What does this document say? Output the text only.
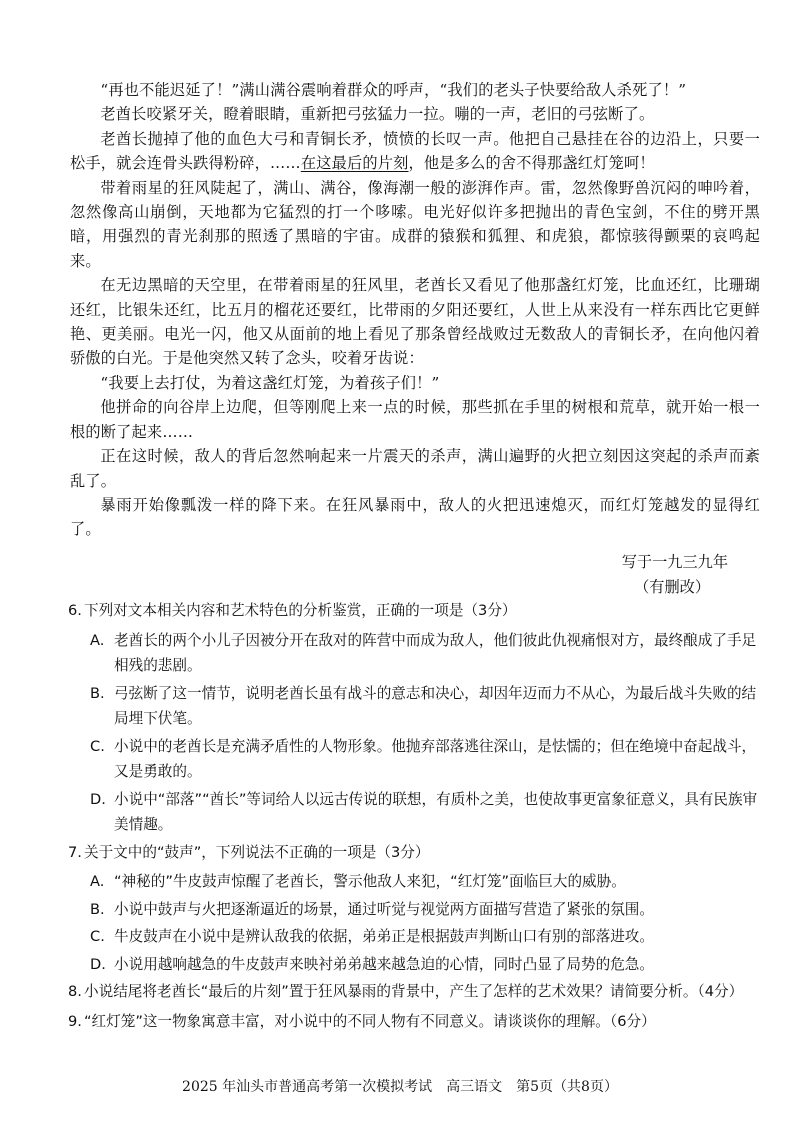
“再也不能迟延了！”满山满谷震响着群众的呼声，“我们的老头子快要给敌人杀死了！”

老酋长咬紧牙关，瞪着眼睛，重新把弓弦猛力一拉。嘣的一声，老旧的弓弦断了。

老酋长抛掉了他的血色大弓和青铜长矛，愤愤的长叹一声。他把自己悬挂在谷的边沿上，只要一松手，就会连骨头跌得粉碎，……在这最后的片刻，他是多么的舍不得那盏红灯笼呵！

带着雨星的狂风陡起了，满山、满谷，像海潮一般的澎湃作声。雷，忽然像野兽沉闷的呻吟着，忽然像高山崩倒，天地都为它猛烈的打一个哆嗦。电光好似许多把抛出的青色宝剑，不住的劈开黑暗，用强烈的青光刹那的照透了黑暗的宇宙。成群的猿猴和狐狸、和虎狼，都惊骇得颤栗的哀鸣起来。

在无边黑暗的天空里，在带着雨星的狂风里，老酋长又看见了他那盏红灯笼，比血还红，比珊瑚还红，比银朱还红，比五月的榴花还要红，比带雨的夕阳还要红，人世上从来没有一样东西比它更鲜艳、更美丽。电光一闪，他又从面前的地上看见了那条曾经战败过无数敌人的青铜长矛，在向他闪着骄傲的白光。于是他突然又转了念头，咬着牙齿说：

“我要上去打仗，为着这盏红灯笼，为着孩子们！”

他拼命的向谷岸上边爬，但等刚爬上来一点的时候，那些抓在手里的树根和荒草，就开始一根一根的断了起来……

正在这时候，敌人的背后忽然响起来一片震天的杀声，满山遍野的火把立刻因这突起的杀声而紊乱了。

暴雨开始像瓢泼一样的降下来。在狂风暴雨中，敌人的火把迅速熄灭，而红灯笼越发的显得红了。

写于一九三九年
（有删改）

6. 下列对文本相关内容和艺术特色的分析鉴赏，正确的一项是（3分）

A. 老酋长的两个小儿子因被分开在敌对的阵营中而成为敌人，他们彼此仇视痛恨对方，最终酿成了手足相残的悲剧。

B. 弓弦断了这一情节，说明老酋长虽有战斗的意志和决心，却因年迈而力不从心，为最后战斗失败的结局埋下伏笔。

C. 小说中的老酋长是充满矛盾性的人物形象。他抛弃部落逃往深山，是怯懦的；但在绝境中奋起战斗，又是勇敢的。

D. 小说中“部落”“酋长”等词给人以远古传说的联想，有质朴之美，也使故事更富象征意义，具有民族审美情趣。

7. 关于文中的“鼓声”，下列说法不正确的一项是（3分）

A. “神秘的”牛皮鼓声惊醒了老酋长，警示他敌人来犯，“红灯笼”面临巨大的威胁。

B. 小说中鼓声与火把逐渐逼近的场景，通过听觉与视觉两方面描写营造了紧张的氛围。

C. 牛皮鼓声在小说中是辨认敌我的依据，弟弟正是根据鼓声判断山口有别的部落进攻。

D. 小说用越响越急的牛皮鼓声来映衬弟弟越来越急迫的心情，同时凸显了局势的危急。

8. 小说结尾将老酋长“最后的片刻”置于狂风暴雨的背景中，产生了怎样的艺术效果？请简要分析。（4分）

9. “红灯笼”这一物象寓意丰富，对小说中的不同人物有不同意义。请谈谈你的理解。（6分）

2025 年汕头市普通高考第一次模拟考试　高三语文　第5页（共8页）
